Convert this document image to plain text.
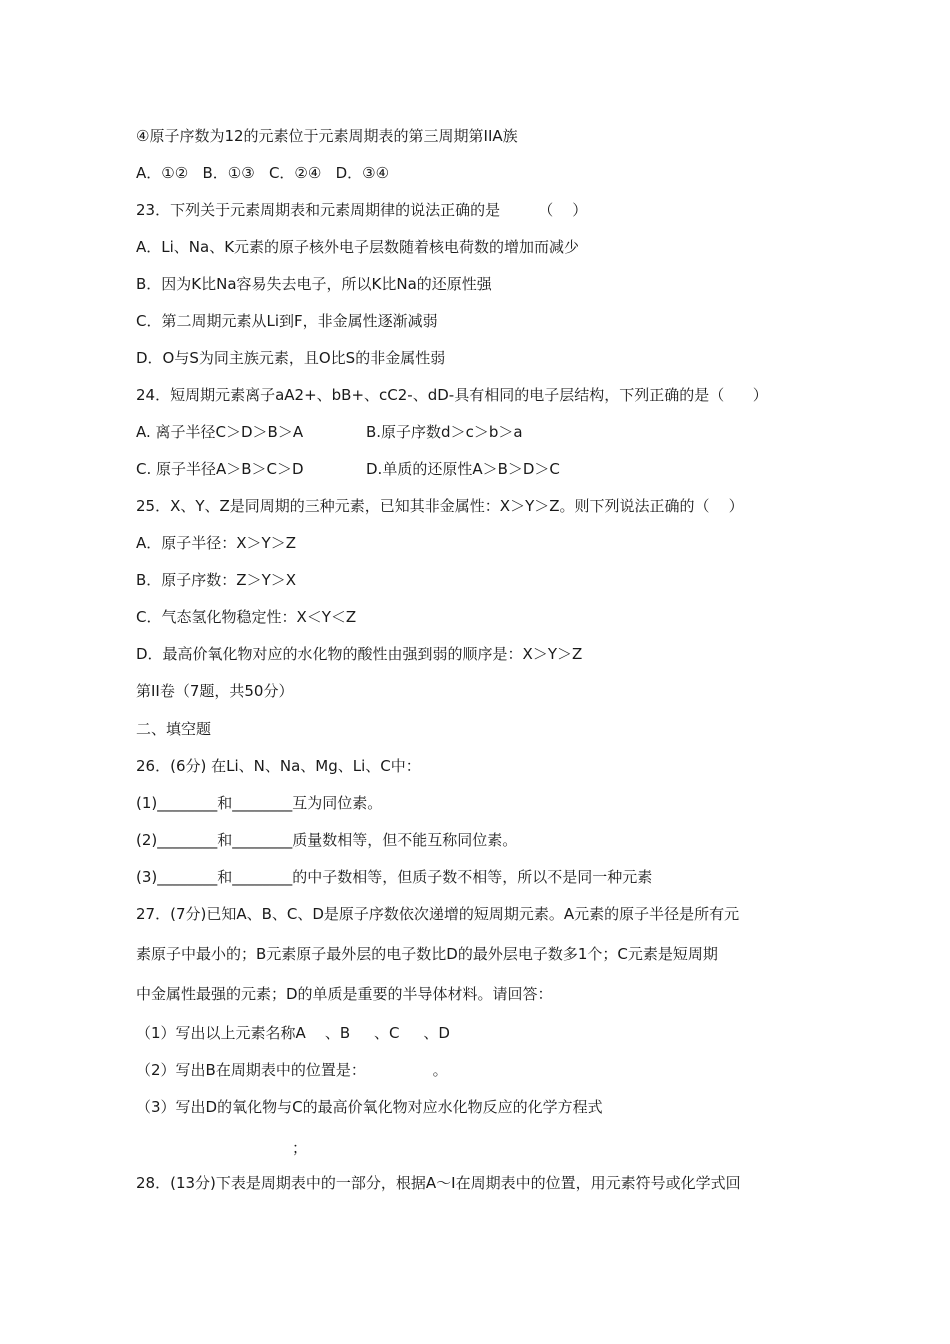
④原子序数为12的元素位于元素周期表的第三周期第IIA族
A．①②   B．①③   C．②④   D．③④
23．下列关于元素周期表和元素周期律的说法正确的是        （    ）
A．Li、Na、K元素的原子核外电子层数随着核电荷数的增加而减少
B．因为K比Na容易失去电子，所以K比Na的还原性强
C．第二周期元素从Li到F，非金属性逐渐减弱
D．O与S为同主族元素，且O比S的非金属性弱
24．短周期元素离子aA2+、bB+、cC2-、dD-具有相同的电子层结构，下列正确的是（      ）
A. 离子半径C＞D＞B＞A	B.原子序数d＞c＞b＞a
C. 原子半径A＞B＞C＞D	D.单质的还原性A＞B＞D＞C
25．X、Y、Z是同周期的三种元素，已知其非金属性：X＞Y＞Z。则下列说法正确的（    ）
A．原子半径：X＞Y＞Z
B．原子序数：Z＞Y＞X
C．气态氢化物稳定性：X＜Y＜Z
D．最高价氧化物对应的水化物的酸性由强到弱的顺序是：X＞Y＞Z
第II卷（7题，共50分）
二、填空题
26．(6分) 在Li、N、Na、Mg、Li、C中：
(1)________和________互为同位素。
(2)________和________质量数相等，但不能互称同位素。
(3)________和________的中子数相等，但质子数不相等，所以不是同一种元素
27．(7分)已知A、B、C、D是原子序数依次递增的短周期元素。A元素的原子半径是所有元
素原子中最小的；B元素原子最外层的电子数比D的最外层电子数多1个；C元素是短周期
中金属性最强的元素；D的单质是重要的半导体材料。请回答：
（1）写出以上元素名称A    、B     、C     、D
（2）写出B在周期表中的位置是：              。
（3）写出D的氧化物与C的最高价氧化物对应水化物反应的化学方程式
；
28．(13分)下表是周期表中的一部分，根据A～I在周期表中的位置，用元素符号或化学式回
